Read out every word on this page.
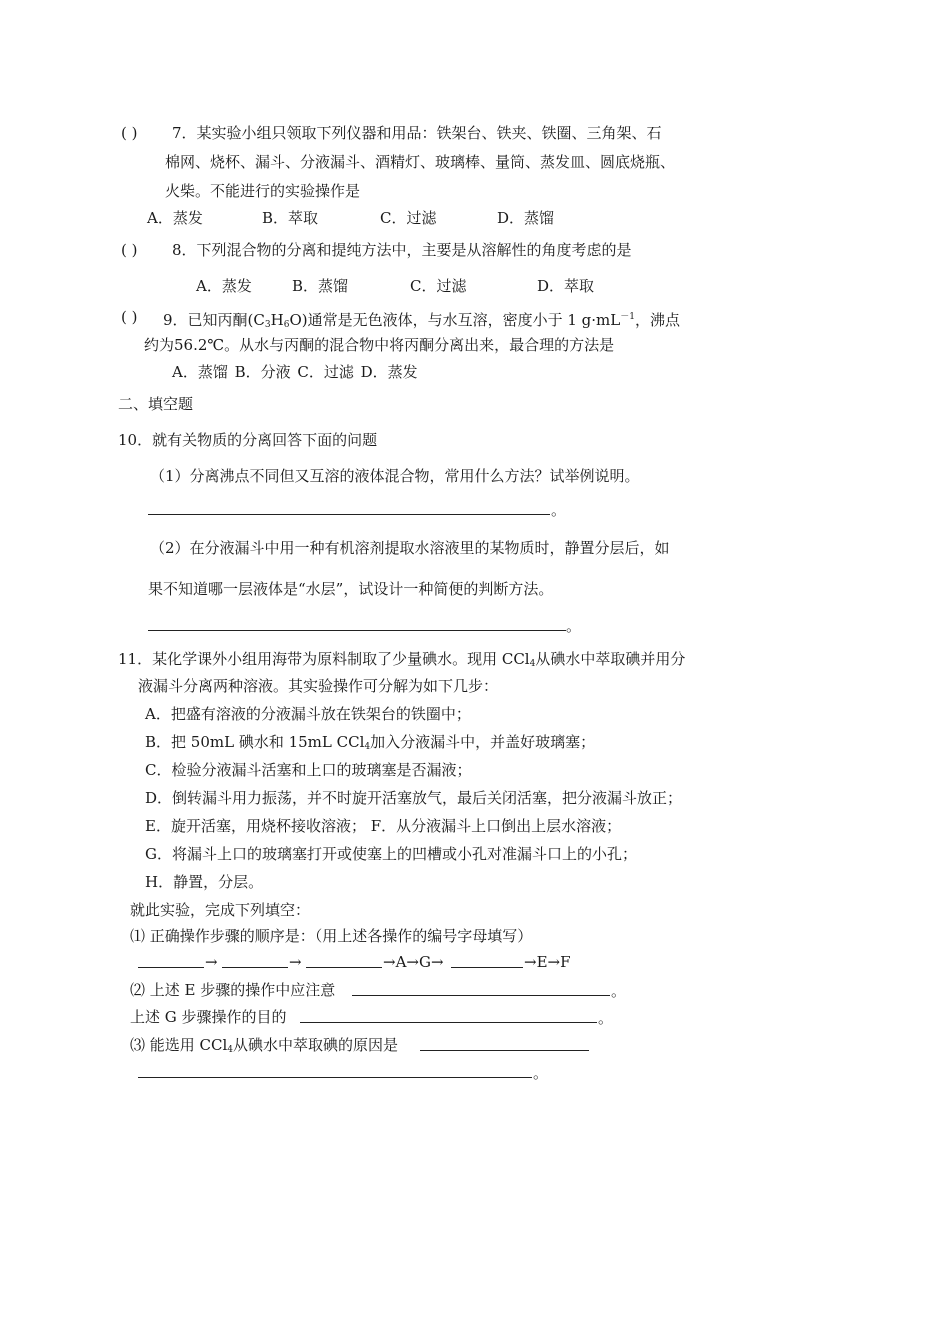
( ) 7．某实验小组只领取下列仪器和用品：铁架台、铁夹、铁圈、三角架、石
棉网、烧杯、漏斗、分液漏斗、酒精灯、玻璃棒、量筒、蒸发皿、圆底烧瓶、
火柴。不能进行的实验操作是
A．蒸发	B．萃取	C．过滤	D．蒸馏
( ) 8．下列混合物的分离和提纯方法中，主要是从溶解性的角度考虑的是
A．蒸发	B．蒸馏	C．过滤	D．萃取
( ) 9．已知丙酮$(C_3H_6O)$通常是无色液体，与水互溶，密度小于 1 $g\cdot mL^{-1}$，沸点
约为56.2℃。从水与丙酮的混合物中将丙酮分离出来，最合理的方法是
A．蒸馏 B．分液 C．过滤 D．蒸发
二、填空题
10．就有关物质的分离回答下面的问题
（1）分离沸点不同但又互溶的液体混合物，常用什么方法？试举例说明。
。
（2）在分液漏斗中用一种有机溶剂提取水溶液里的某物质时，静置分层后，如
果不知道哪一层液体是“水层”，试设计一种简便的判断方法。
。
11．某化学课外小组用海带为原料制取了少量碘水。现用 CCl$_4$从碘水中萃取碘并用分
液漏斗分离两种溶液。其实验操作可分解为如下几步：
A．把盛有溶液的分液漏斗放在铁架台的铁圈中；
B．把 50mL 碘水和 15mL CCl$_4$加入分液漏斗中，并盖好玻璃塞；
C．检验分液漏斗活塞和上口的玻璃塞是否漏液；
D．倒转漏斗用力振荡，并不时旋开活塞放气，最后关闭活塞，把分液漏斗放正；
E．旋开活塞，用烧杯接收溶液； F．从分液漏斗上口倒出上层水溶液；
G．将漏斗上口的玻璃塞打开或使塞上的凹槽或小孔对准漏斗口上的小孔；
H．静置，分层。
就此实验，完成下列填空：
⑴ 正确操作步骤的顺序是：（用上述各操作的编号字母填写）
→	→	→A→G→	→E→F
⑵ 上述 E 步骤的操作中应注意	。
上述 G 步骤操作的目的	。
⑶ 能选用 CCl$_4$从碘水中萃取碘的原因是
。
